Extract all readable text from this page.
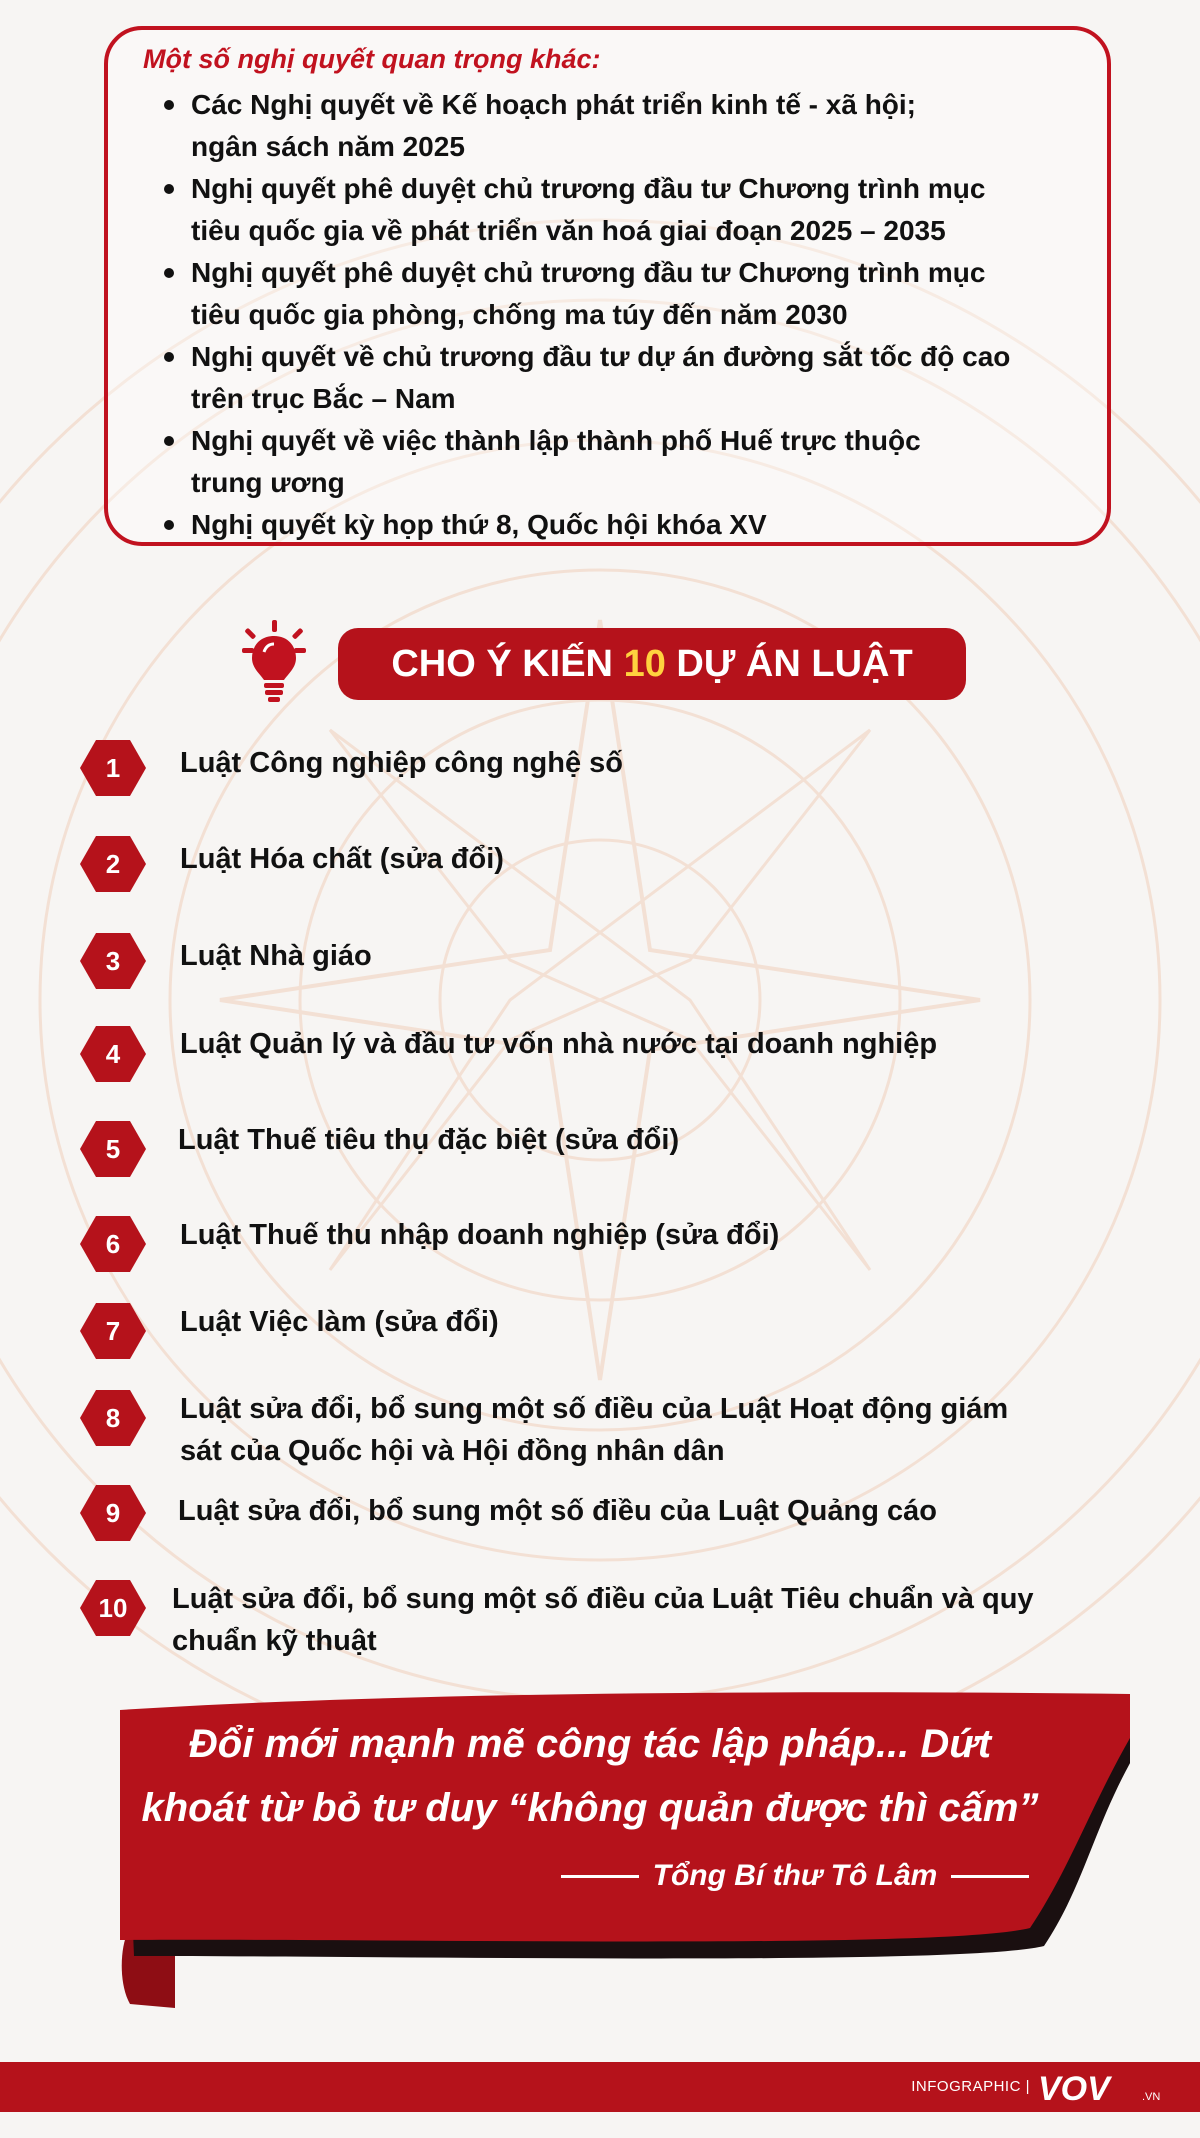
Một số nghị quyết quan trọng khác:
Các Nghị quyết về Kế hoạch phát triển kinh tế - xã hội;
ngân sách năm 2025
Nghị quyết phê duyệt chủ trương đầu tư Chương trình mục
tiêu quốc gia về phát triển văn hoá giai đoạn 2025 – 2035
Nghị quyết phê duyệt chủ trương đầu tư Chương trình mục
tiêu quốc gia phòng, chống ma túy đến năm 2030
Nghị quyết về chủ trương đầu tư dự án đường sắt tốc độ cao
trên trục Bắc – Nam
Nghị quyết về việc thành lập thành phố Huế trực thuộc
trung ương
Nghị quyết kỳ họp thứ 8, Quốc hội khóa XV
CHO Ý KIẾN 10 DỰ ÁN LUẬT
1	Luật Công nghiệp công nghệ số
2	Luật Hóa chất (sửa đổi)
3	Luật Nhà giáo
4	Luật Quản lý và đầu tư vốn nhà nước tại doanh nghiệp
5	Luật Thuế tiêu thụ đặc biệt (sửa đổi)
6	Luật Thuế thu nhập doanh nghiệp (sửa đổi)
7	Luật Việc làm (sửa đổi)
8	Luật sửa đổi, bổ sung một số điều của Luật Hoạt động giám
sát của Quốc hội và Hội đồng nhân dân
9	Luật sửa đổi, bổ sung một số điều của Luật Quảng cáo
10	Luật sửa đổi, bổ sung một số điều của Luật Tiêu chuẩn và quy
chuẩn kỹ thuật
Đổi mới mạnh mẽ công tác lập pháp... Dứt
khoát từ bỏ tư duy “không quản được thì cấm”
Tổng Bí thư Tô Lâm
INFOGRAPHIC | VOV	.VN
